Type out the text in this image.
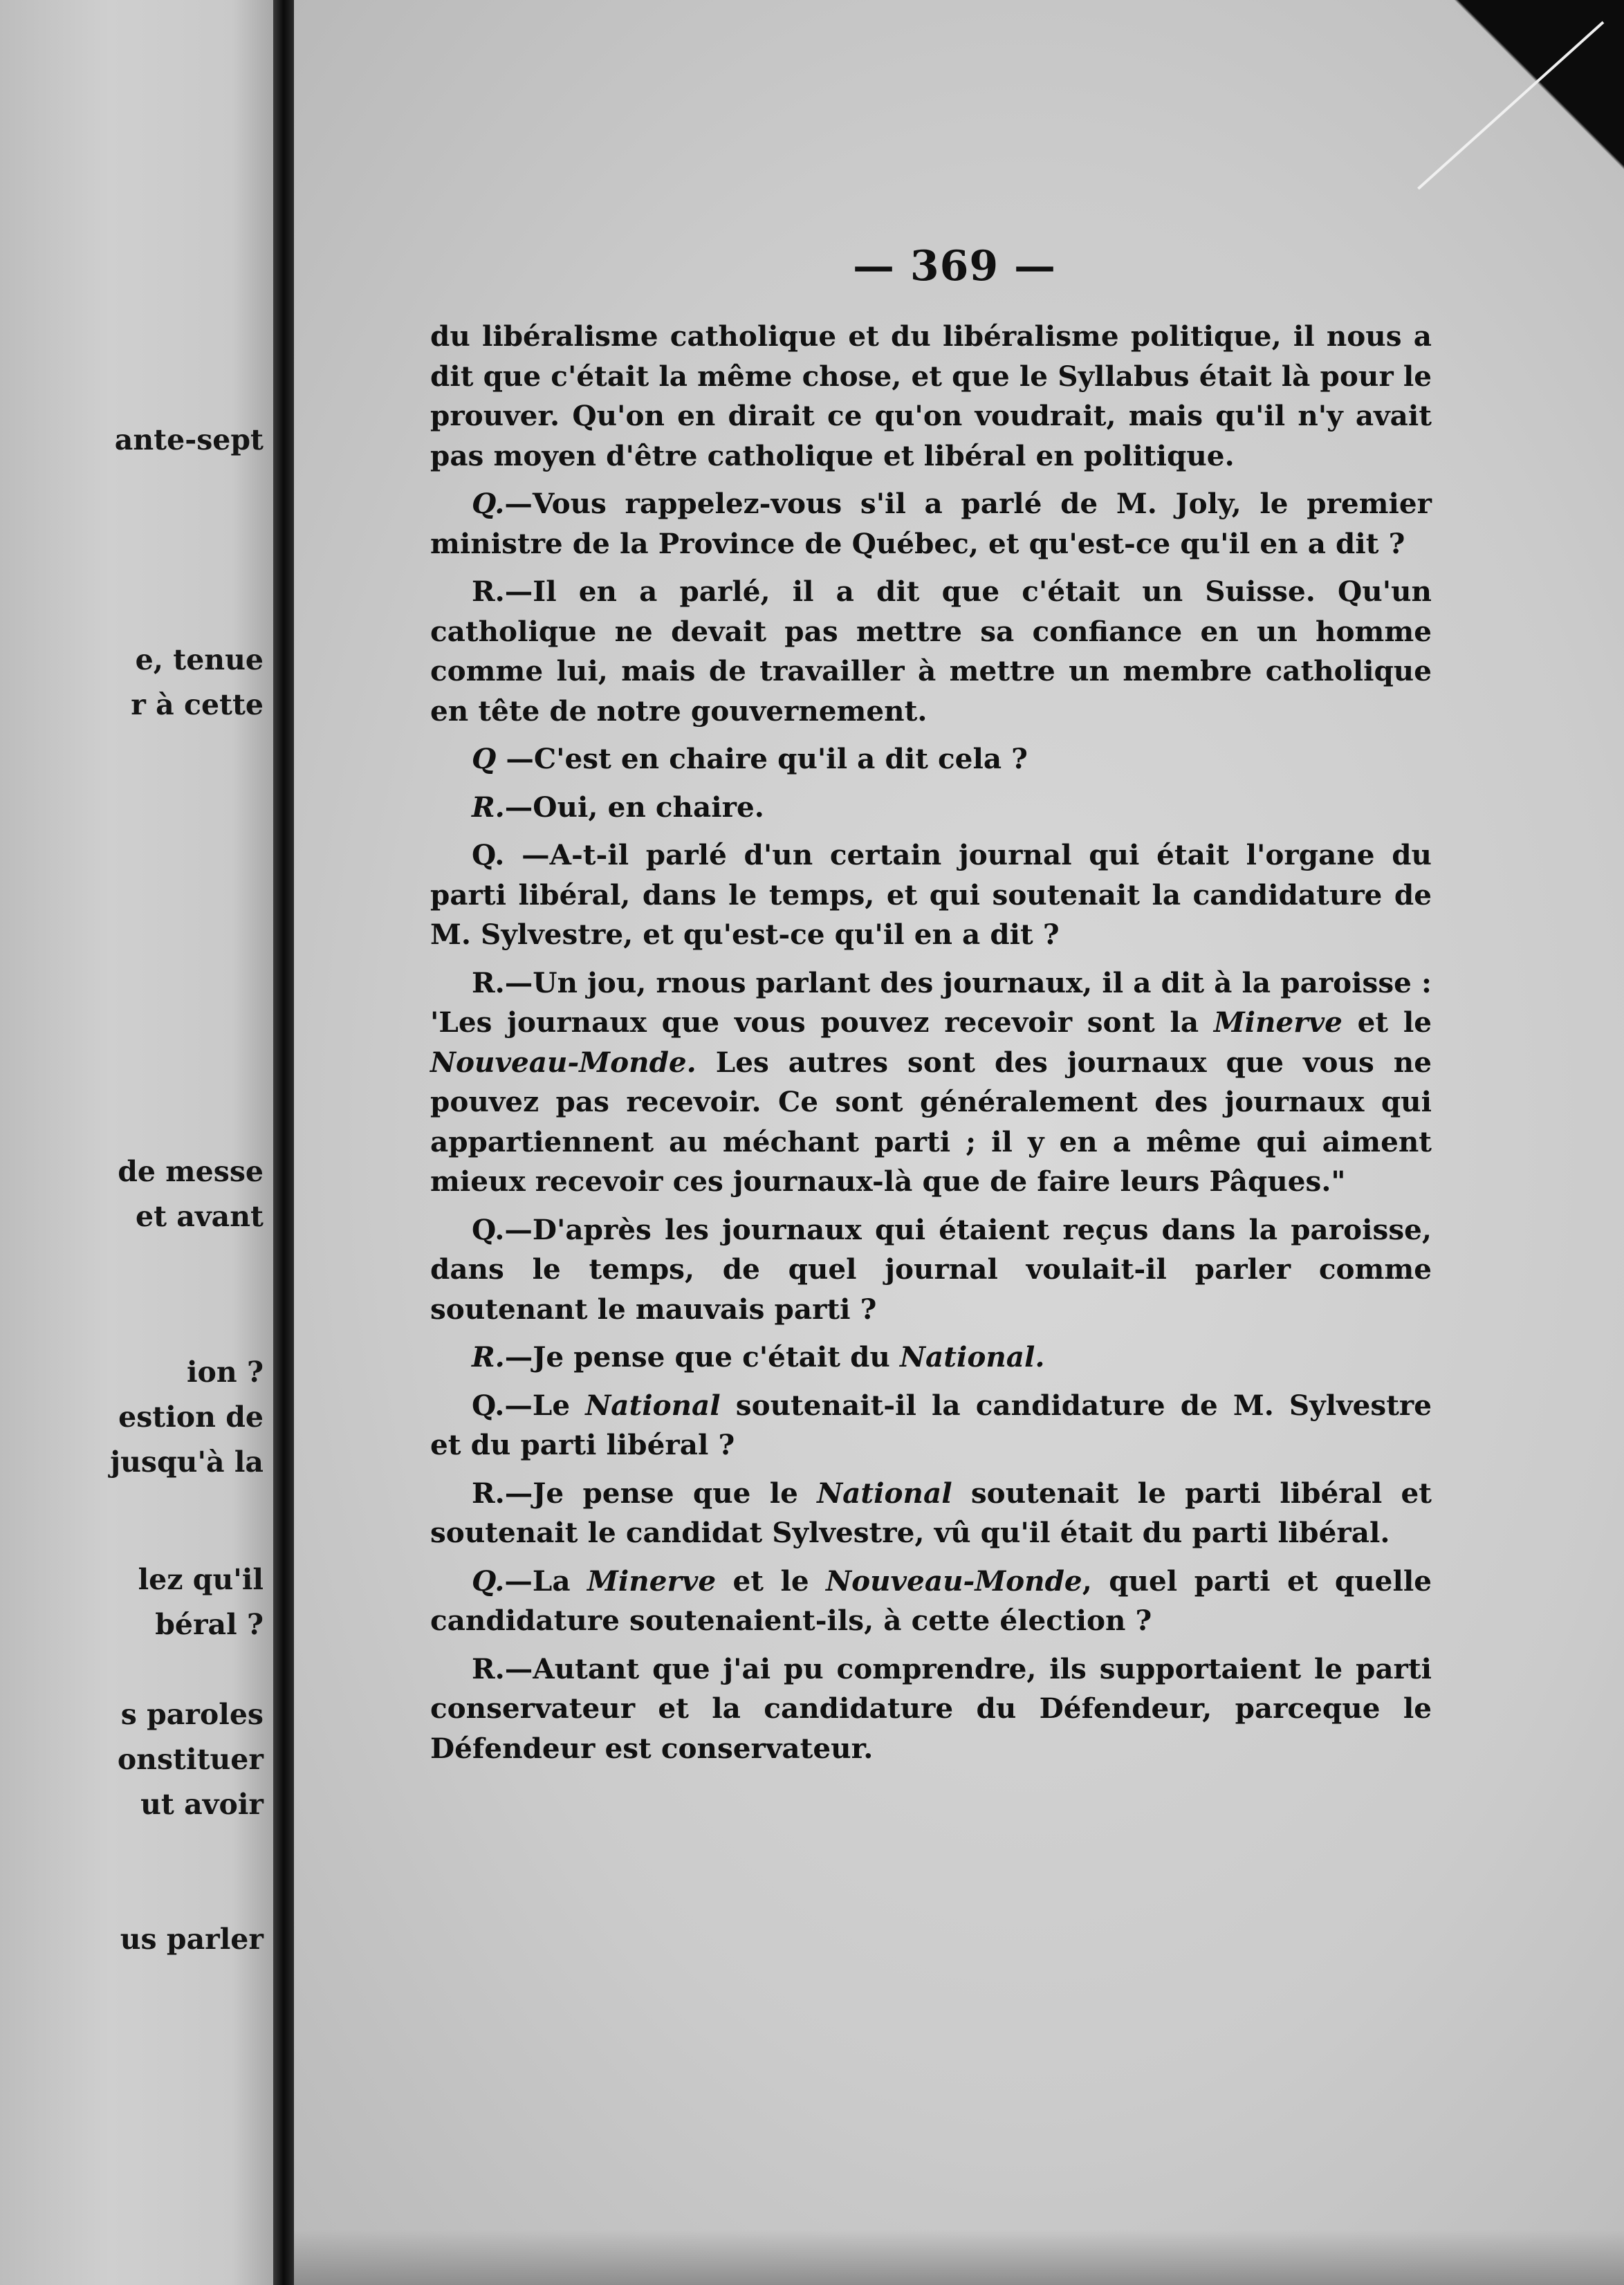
ante-sept
e, tenue
r à cette
de messe
et avant
ion ?
estion de
jusqu'à la
lez qu'il
béral ?
s paroles
onstituer
ut avoir
us parler
— 369 —

du libéralisme catholique et du libéralisme politique, il nous a dit que c'était la même chose, et que le Syllabus était là pour le prouver. Qu'on en dirait ce qu'on voudrait, mais qu'il n'y avait pas moyen d'être catholique et libéral en politique.

Q.—Vous rappelez-vous s'il a parlé de M. Joly, le premier ministre de la Province de Québec, et qu'est-ce qu'il en a dit ?

R.—Il en a parlé, il a dit que c'était un Suisse. Qu'un catholique ne devait pas mettre sa confiance en un homme comme lui, mais de travailler à mettre un membre catholique en tête de notre gouvernement.

Q —C'est en chaire qu'il a dit cela ?

R.—Oui, en chaire.

Q. —A-t-il parlé d'un certain journal qui était l'organe du parti libéral, dans le temps, et qui soutenait la candidature de M. Sylvestre, et qu'est-ce qu'il en a dit ?

R.—Un jou, rnous parlant des journaux, il a dit à la paroisse : 'Les journaux que vous pouvez recevoir sont la Minerve et le Nouveau-Monde. Les autres sont des journaux que vous ne pouvez pas recevoir. Ce sont généralement des journaux qui appartiennent au méchant parti ; il y en a même qui aiment mieux recevoir ces journaux-là que de faire leurs Pâques."

Q.—D'après les journaux qui étaient reçus dans la paroisse, dans le temps, de quel journal voulait-il parler comme soutenant le mauvais parti ?

R.—Je pense que c'était du National.

Q.—Le National soutenait-il la candidature de M. Sylvestre et du parti libéral ?

R.—Je pense que le National soutenait le parti libéral et soutenait le candidat Sylvestre, vû qu'il était du parti libéral.

Q.—La Minerve et le Nouveau-Monde, quel parti et quelle candidature soutenaient-ils, à cette élection ?

R.—Autant que j'ai pu comprendre, ils supportaient le parti conservateur et la candidature du Défendeur, parceque le Défendeur est conservateur.
